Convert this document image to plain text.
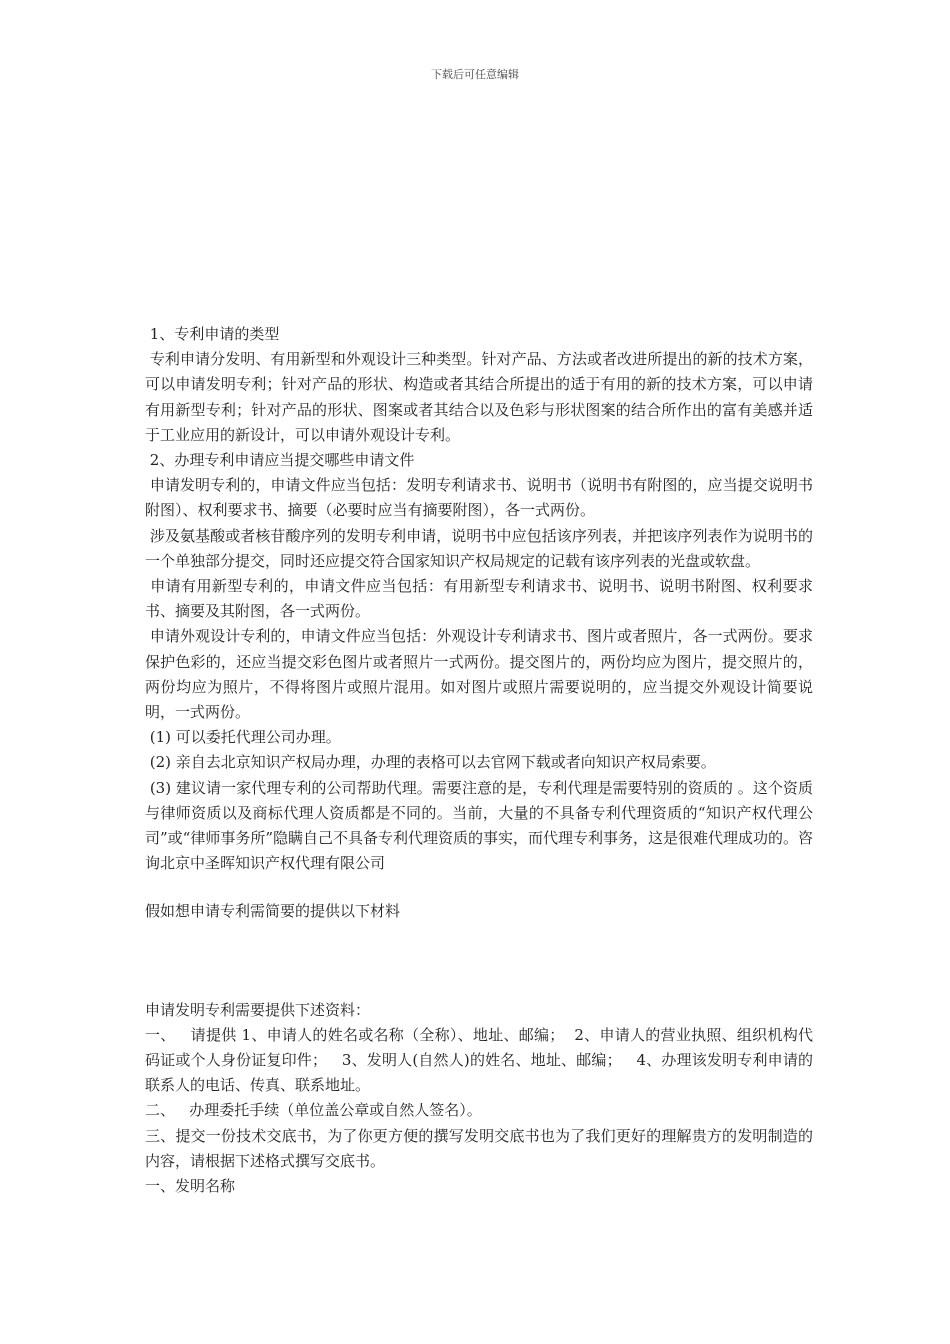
下载后可任意编辑

1、专利申请的类型

专利申请分发明、有用新型和外观设计三种类型。针对产品、方法或者改进所提出的新的技术方案，可以申请发明专利；针对产品的形状、构造或者其结合所提出的适于有用的新的技术方案，可以申请有用新型专利；针对产品的形状、图案或者其结合以及色彩与形状图案的结合所作出的富有美感并适于工业应用的新设计，可以申请外观设计专利。

2、办理专利申请应当提交哪些申请文件

申请发明专利的，申请文件应当包括：发明专利请求书、说明书（说明书有附图的，应当提交说明书附图）、权利要求书、摘要（必要时应当有摘要附图），各一式两份。

涉及氨基酸或者核苷酸序列的发明专利申请，说明书中应包括该序列表，并把该序列表作为说明书的一个单独部分提交，同时还应提交符合国家知识产权局规定的记载有该序列表的光盘或软盘。

申请有用新型专利的，申请文件应当包括：有用新型专利请求书、说明书、说明书附图、权利要求书、摘要及其附图，各一式两份。

申请外观设计专利的，申请文件应当包括：外观设计专利请求书、图片或者照片，各一式两份。要求保护色彩的，还应当提交彩色图片或者照片一式两份。提交图片的，两份均应为图片，提交照片的，两份均应为照片，不得将图片或照片混用。如对图片或照片需要说明的，应当提交外观设计简要说明，一式两份。

(1) 可以委托代理公司办理。

(2) 亲自去北京知识产权局办理，办理的表格可以去官网下载或者向知识产权局索要。

(3) 建议请一家代理专利的公司帮助代理。需要注意的是，专利代理是需要特别的资质的 。这个资质与律师资质以及商标代理人资质都是不同的。当前，大量的不具备专利代理资质的“知识产权代理公司”或“律师事务所”隐瞒自己不具备专利代理资质的事实，而代理专利事务，这是很难代理成功的。咨询北京中圣晖知识产权代理有限公司

假如想申请专利需简要的提供以下材料

申请发明专利需要提供下述资料：

一、   请提供 1、申请人的姓名或名称（全称）、地址、邮编；  2、申请人的营业执照、组织机构代码证或个人身份证复印件；   3、发明人(自然人)的姓名、地址、邮编；   4、办理该发明专利申请的联系人的电话、传真、联系地址。

二、   办理委托手续（单位盖公章或自然人签名）。

三、提交一份技术交底书，为了你更方便的撰写发明交底书也为了我们更好的理解贵方的发明制造的内容，请根据下述格式撰写交底书。

一、发明名称
